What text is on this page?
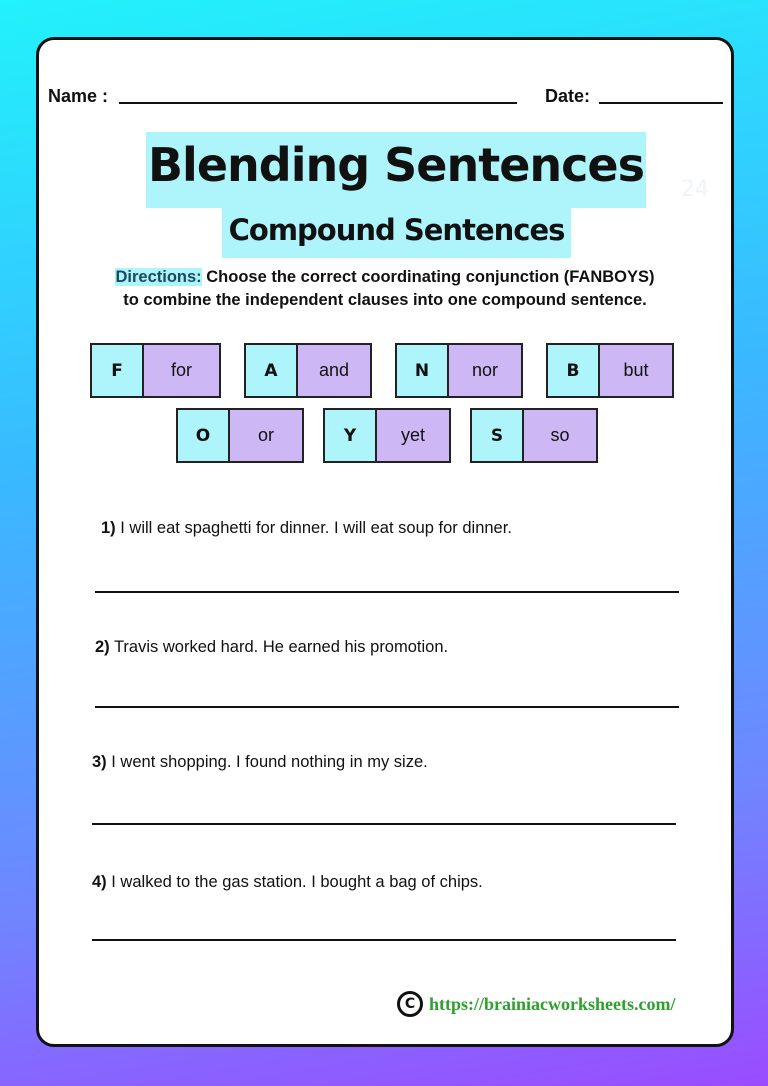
Name :	Date:
Blending Sentences 24
Compound Sentences
Directions: Choose the correct coordinating conjunction (FANBOYS)
to combine the independent clauses into one compound sentence.
F	for	A	and	N	nor	B	but
O	or	Y	yet	S	so
1) I will eat spaghetti for dinner. I will eat soup for dinner.
2) Travis worked hard. He earned his promotion.
3) I went shopping. I found nothing in my size.
4) I walked to the gas station. I bought a bag of chips.
C https://brainiacworksheets.com/
